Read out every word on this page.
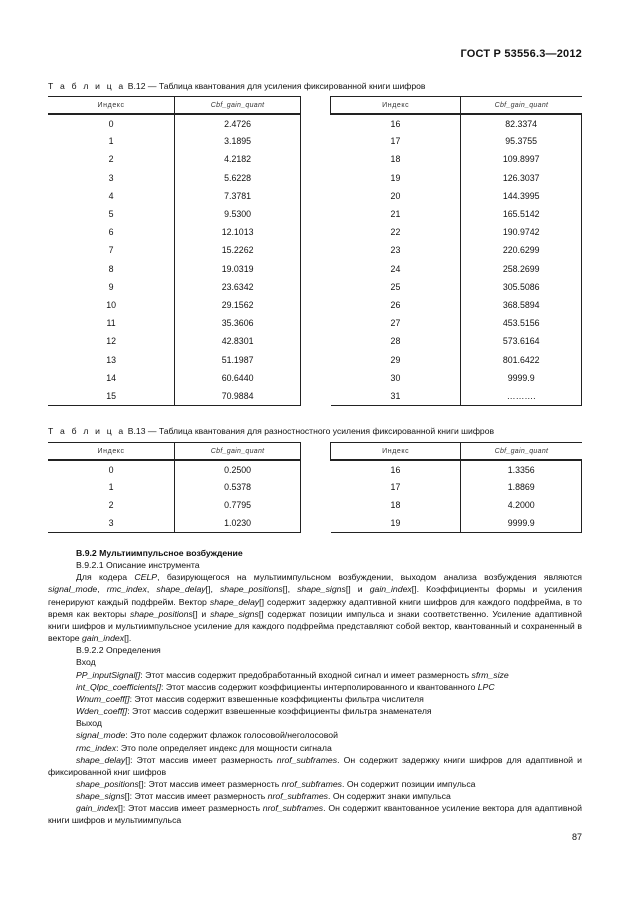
ГОСТ Р 53556.3—2012
Т а б л и ц а В.12 — Таблица квантования для усиления фиксированной книги шифров
Индекс	Cbf_gain_quant
0	2.4726
1	3.1895
2	4.2182
3	5.6228
4	7.3781
5	9.5300
6	12.1013
7	15.2262
8	19.0319
9	23.6342
10	29.1562
11	35.3606
12	42.8301
13	51.1987
14	60.6440
15	70.9884
Индекс	Cbf_gain_quant
16	82.3374
17	95.3755
18	109.8997
19	126.3037
20	144.3995
21	165.5142
22	190.9742
23	220.6299
24	258.2699
25	305.5086
26	368.5894
27	453.5156
28	573.6164
29	801.6422
30	9999.9
31	……….
Т а б л и ц а В.13 — Таблица квантования для разностностного усиления фиксированной книги шифров
Индекс	Cbf_gain_quant
0	0.2500
1	0.5378
2	0.7795
3	1.0230
Индекс	Cbf_gain_quant
16	1.3356
17	1.8869
18	4.2000
19	9999.9

В.9.2 Мультиимпульсное возбуждение

В.9.2.1 Описание инструмента

Для кодера CELP, базирующегося на мультиимпульсном возбуждении, выходом анализа возбуждения являются signal_mode, rmc_index, shape_delay[], shape_positions[], shape_signs[] и gain_index[]. Коэффициенты формы и усиления генерируют каждый подфрейм. Вектор shape_delay[] содержит задержку адаптивной книги шифров для каждого подфрейма, в то время как векторы shape_positions[] и shape_signs[] содержат позиции импульса и знаки соответственно. Усиление адаптивной книги шифров и мультиимпульсное усиление для каждого подфрейма представляют собой вектор, квантованный и сохраненный в векторе gain_index[].

В.9.2.2 Определения

Вход

PP_inputSignal[]: Этот массив содержит предобработанный входной сигнал и имеет размерность sfrm_size

int_Qlpc_coefficients[]: Этот массив содержит коэффициенты интерполированного и квантованного LPC

Wnum_coeff[]: Этот массив содержит взвешенные коэффициенты фильтра числителя

Wden_coeff[]: Этот массив содержит взвешенные коэффициенты фильтра знаменателя

Выход

signal_mode: Это поле содержит флажок голосовой/неголосовой

rmc_index: Это поле определяет индекс для мощности сигнала

shape_delay[]: Этот массив имеет размерность nrof_subframes. Он содержит задержку книги шифров для адаптивной и фиксированной книг шифров

shape_positions[]: Этот массив имеет размерность nrof_subframes. Он содержит позиции импульса

shape_signs[]: Этот массив имеет размерность nrof_subframes. Он содержит знаки импульса

gain_index[]: Этот массив имеет размерность nrof_subframes. Он содержит квантованное усиление вектора для адаптивной книги шифров и мультиимпульса

87
